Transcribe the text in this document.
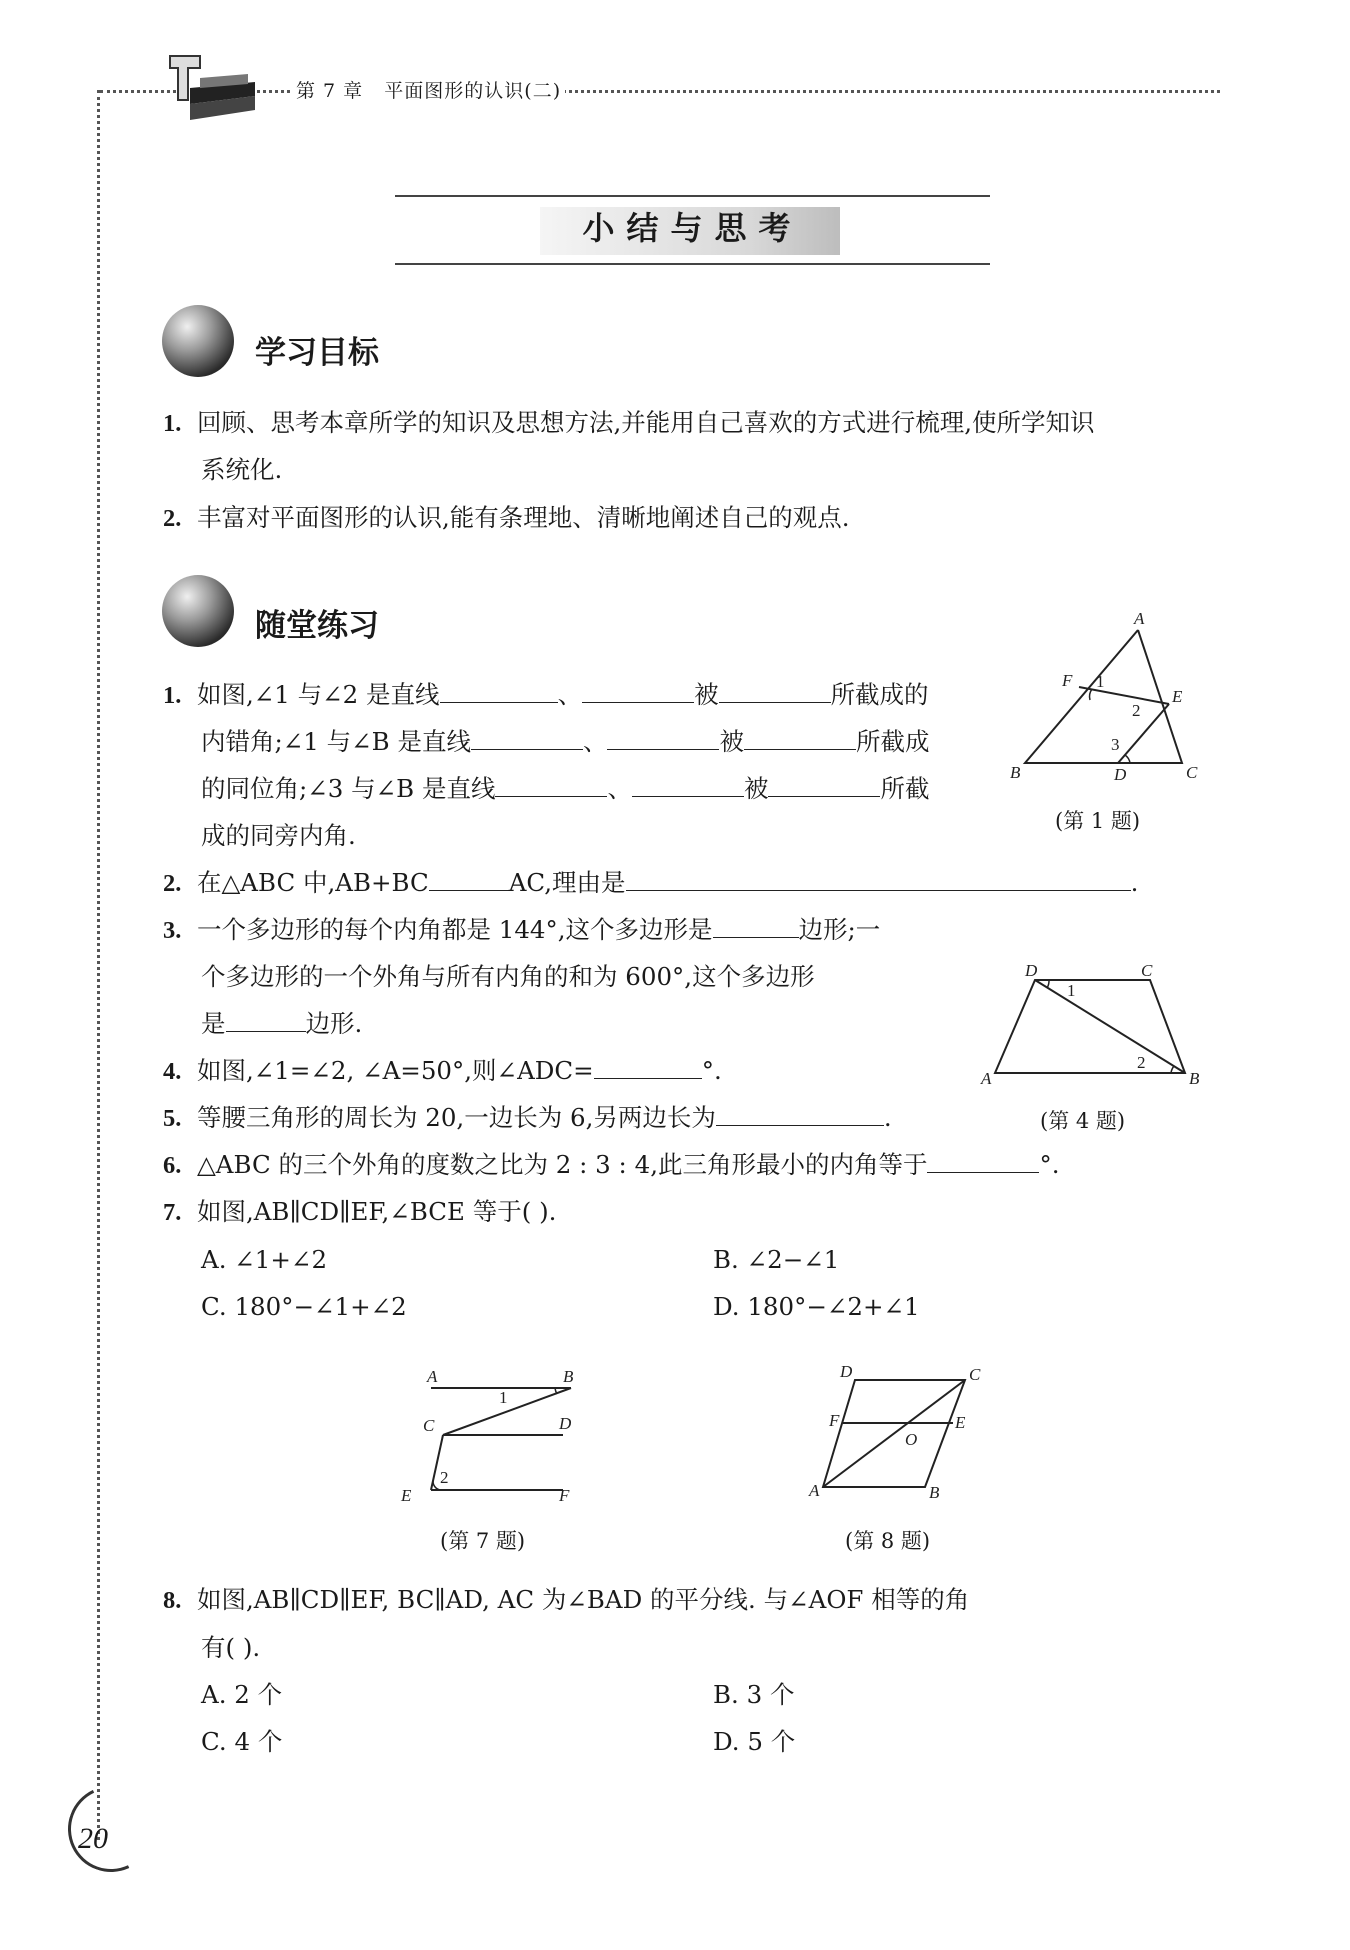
第 7 章 平面图形的认识(二)
小结与思考
学习目标
1. 回顾、思考本章所学的知识及思想方法,并能用自己喜欢的方式进行梳理,使所学知识
系统化.
2. 丰富对平面图形的认识,能有条理地、清晰地阐述自己的观点.
随堂练习
1. 如图,∠1 与∠2 是直线	、	被	所截成的
内错角;∠1 与∠B 是直线	、	被	所截成
的同位角;∠3 与∠B 是直线	、	被	所截
成的同旁内角.
A
B	C
D
E
F 1
2
3
(第 1 题)
2. 在△ABC 中,AB+BC	AC,理由是	.
3. 一个多边形的每个内角都是 144°,这个多边形是	边形;一
个多边形的一个外角与所有内角的和为 600°,这个多边形
是	边形.
D	C
A	B
1
2
(第 4 题)
4. 如图,∠1=∠2, ∠A=50°,则∠ADC=	°.
5. 等腰三角形的周长为 20,一边长为 6,另两边长为	.
6. △ABC 的三个外角的度数之比为 2 : 3 : 4,此三角形最小的内角等于	°.
7. 如图,AB∥CD∥EF,∠BCE 等于( ).
A. ∠1+∠2	B. ∠2−∠1
C. 180°−∠1+∠2	D. 180°−∠2+∠1
A	B
C	D
E	F
1
2
(第 7 题)
D	C
F	E
O
A	B
(第 8 题)
8. 如图,AB∥CD∥EF, BC∥AD, AC 为∠BAD 的平分线. 与∠AOF 相等的角
有( ).
A. 2 个	B. 3 个
C. 4 个	D. 5 个
20
